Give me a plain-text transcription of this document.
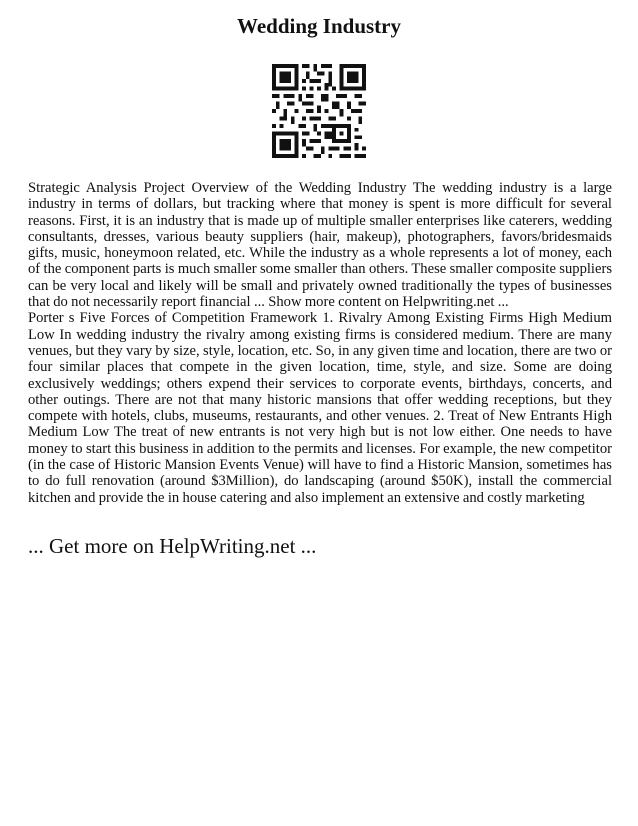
Wedding Industry

Strategic Analysis Project Overview of the Wedding Industry The wedding industry is a large industry in terms of dollars, but tracking where that money is spent is more difficult for several reasons. First, it is an industry that is made up of multiple smaller enterprises like caterers, wedding consultants, dresses, various beauty suppliers (hair, makeup), photographers, favors/bridesmaids gifts, music, honeymoon related, etc. While the industry as a whole represents a lot of money, each of the component parts is much smaller some smaller than others. These smaller composite suppliers can be very local and likely will be small and privately owned traditionally the types of businesses that do not necessarily report financial ... Show more content on Helpwriting.net ...

Porter s Five Forces of Competition Framework 1. Rivalry Among Existing Firms High Medium Low In wedding industry the rivalry among existing firms is considered medium. There are many venues, but they vary by size, style, location, etc. So, in any given time and location, there are two or four similar places that compete in the given location, time, style, and size. Some are doing exclusively weddings; others expend their services to corporate events, birthdays, concerts, and other outings. There are not that many historic mansions that offer wedding receptions, but they compete with hotels, clubs, museums, restaurants, and other venues. 2. Treat of New Entrants High Medium Low The treat of new entrants is not very high but is not low either. One needs to have money to start this business in addition to the permits and licenses. For example, the new competitor (in the case of Historic Mansion Events Venue) will have to find a Historic Mansion, sometimes has to do full renovation (around $3Million), do landscaping (around $50K), install the commercial kitchen and provide the in house catering and also implement an extensive and costly marketing

... Get more on HelpWriting.net ...
